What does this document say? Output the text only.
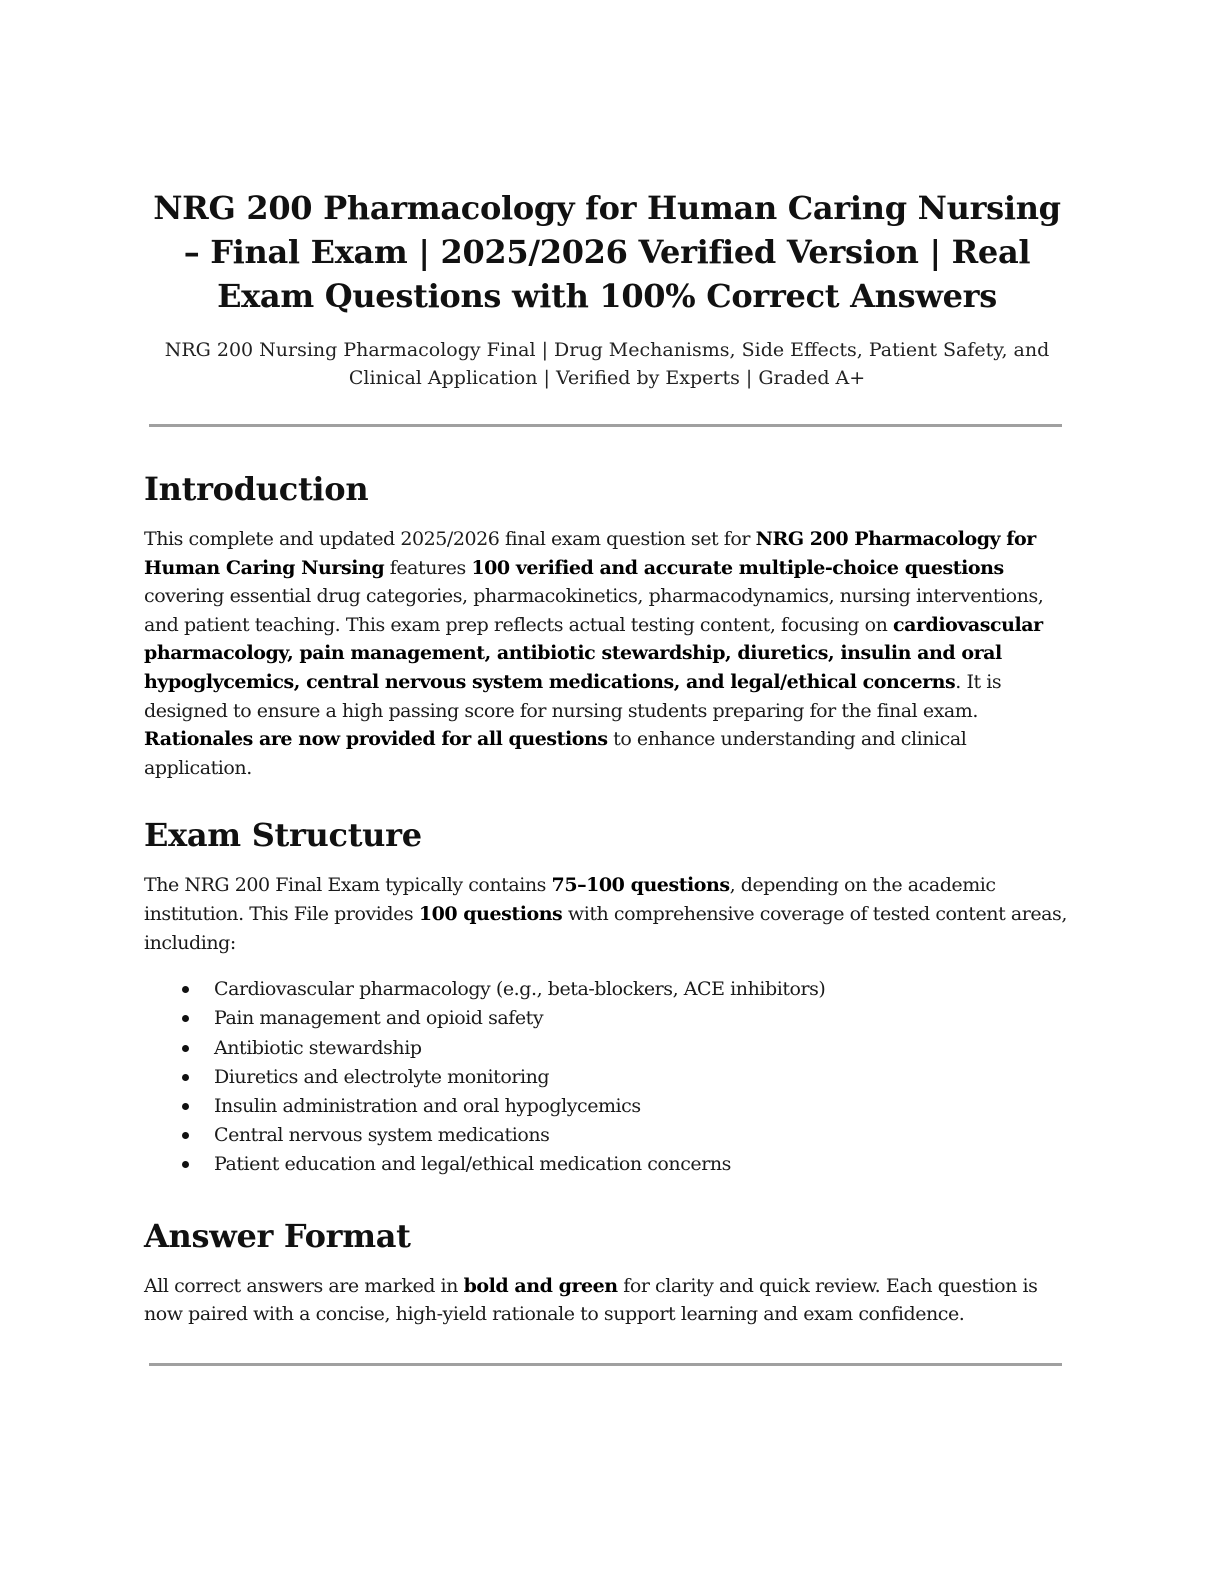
NRG 200 Pharmacology for Human Caring Nursing – Final Exam | 2025/2026 Verified Version | Real Exam Questions with 100% Correct Answers

NRG 200 Nursing Pharmacology Final | Drug Mechanisms, Side Effects, Patient Safety, and Clinical Application | Verified by Experts | Graded A+

Introduction

This complete and updated 2025/2026 final exam question set for NRG 200 Pharmacology for Human Caring Nursing features 100 verified and accurate multiple-choice questions covering essential drug categories, pharmacokinetics, pharmacodynamics, nursing interventions, and patient teaching. This exam prep reflects actual testing content, focusing on cardiovascular pharmacology, pain management, antibiotic stewardship, diuretics, insulin and oral hypoglycemics, central nervous system medications, and legal/ethical concerns. It is designed to ensure a high passing score for nursing students preparing for the final exam. Rationales are now provided for all questions to enhance understanding and clinical application.

Exam Structure

The NRG 200 Final Exam typically contains 75–100 questions, depending on the academic institution. This File provides 100 questions with comprehensive coverage of tested content areas, including:

Cardiovascular pharmacology (e.g., beta-blockers, ACE inhibitors)
Pain management and opioid safety
Antibiotic stewardship
Diuretics and electrolyte monitoring
Insulin administration and oral hypoglycemics
Central nervous system medications
Patient education and legal/ethical medication concerns
Answer Format

All correct answers are marked in bold and green for clarity and quick review. Each question is now paired with a concise, high-yield rationale to support learning and exam confidence.
